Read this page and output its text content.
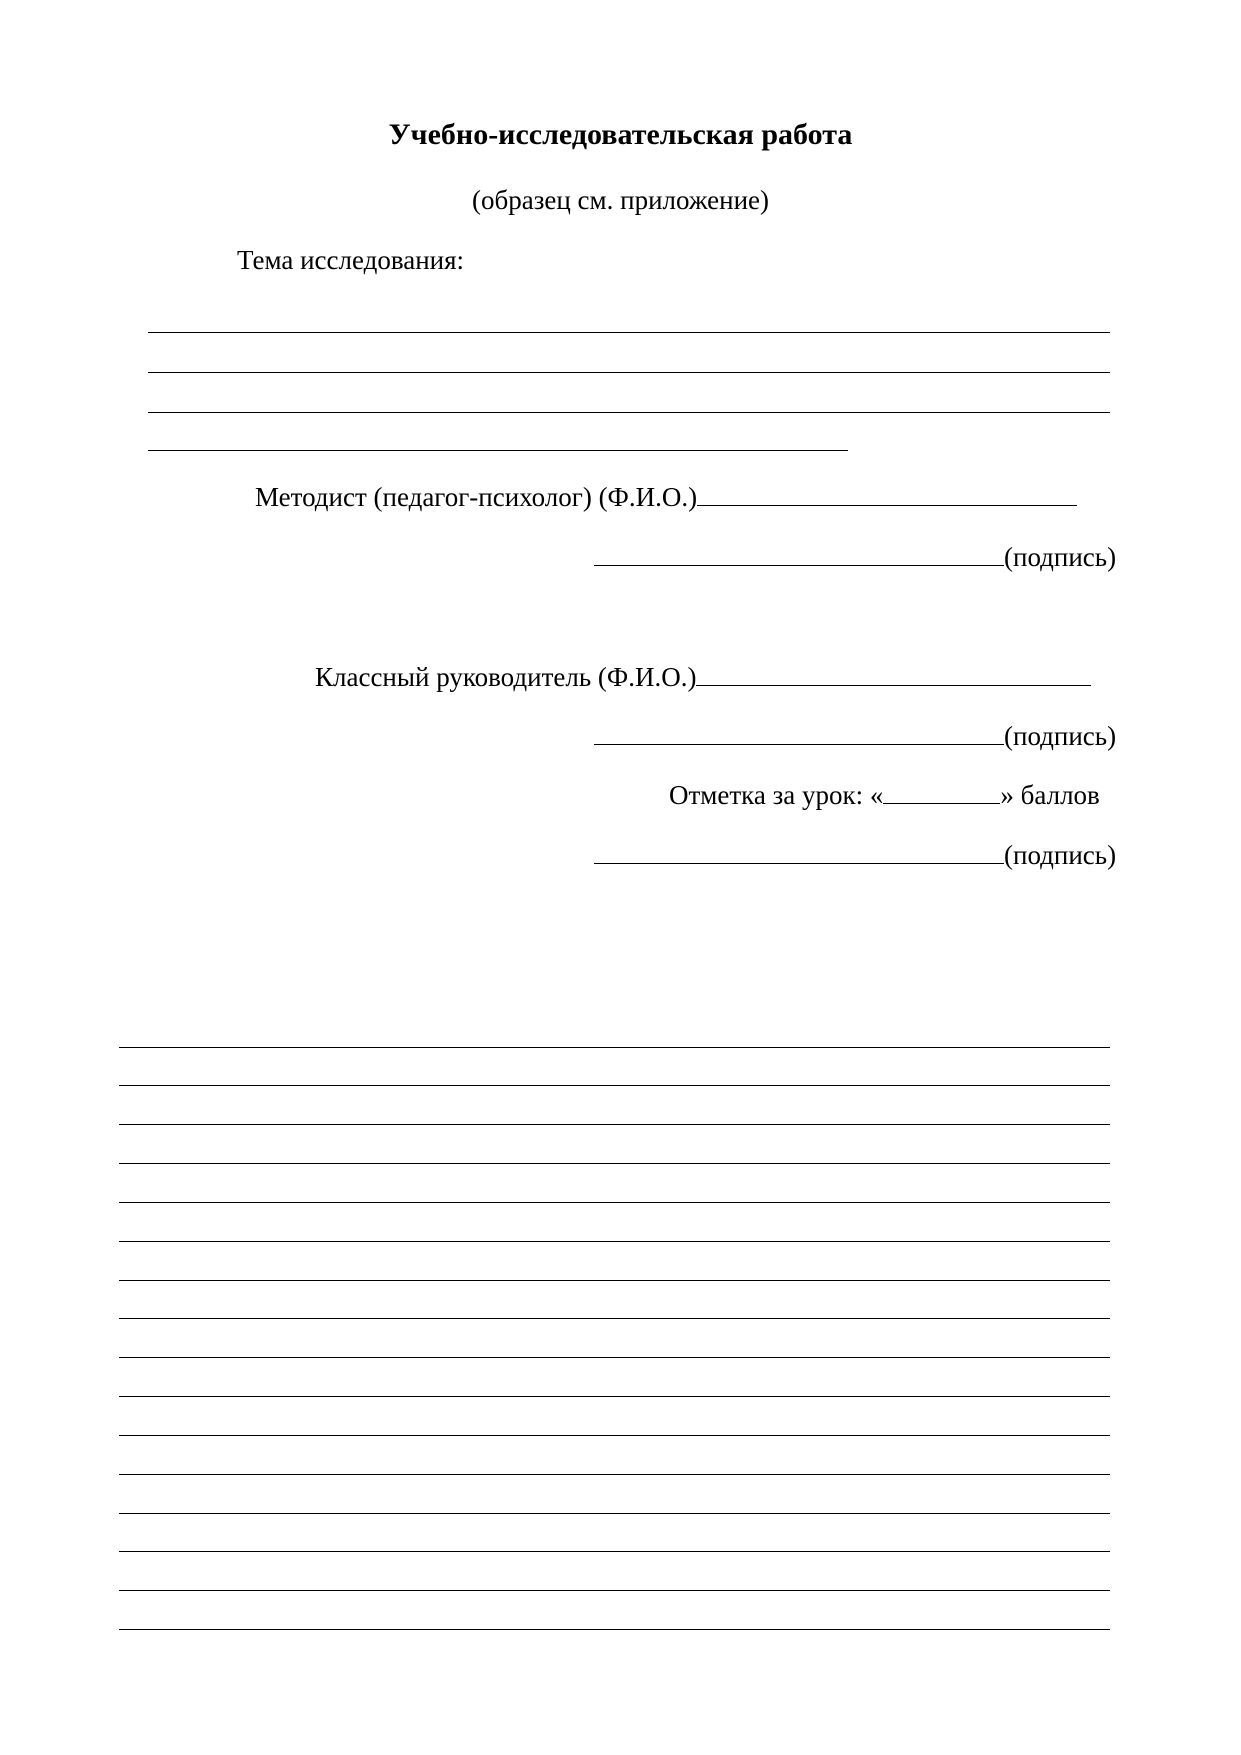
Учебно-исследовательская работа
(образец см. приложение)
Тема исследования:
Методист (педагог-психолог) (Ф.И.О.)
(подпись)
Классный руководитель (Ф.И.О.)
(подпись)
Отметка за урок: «	» баллов
(подпись)
